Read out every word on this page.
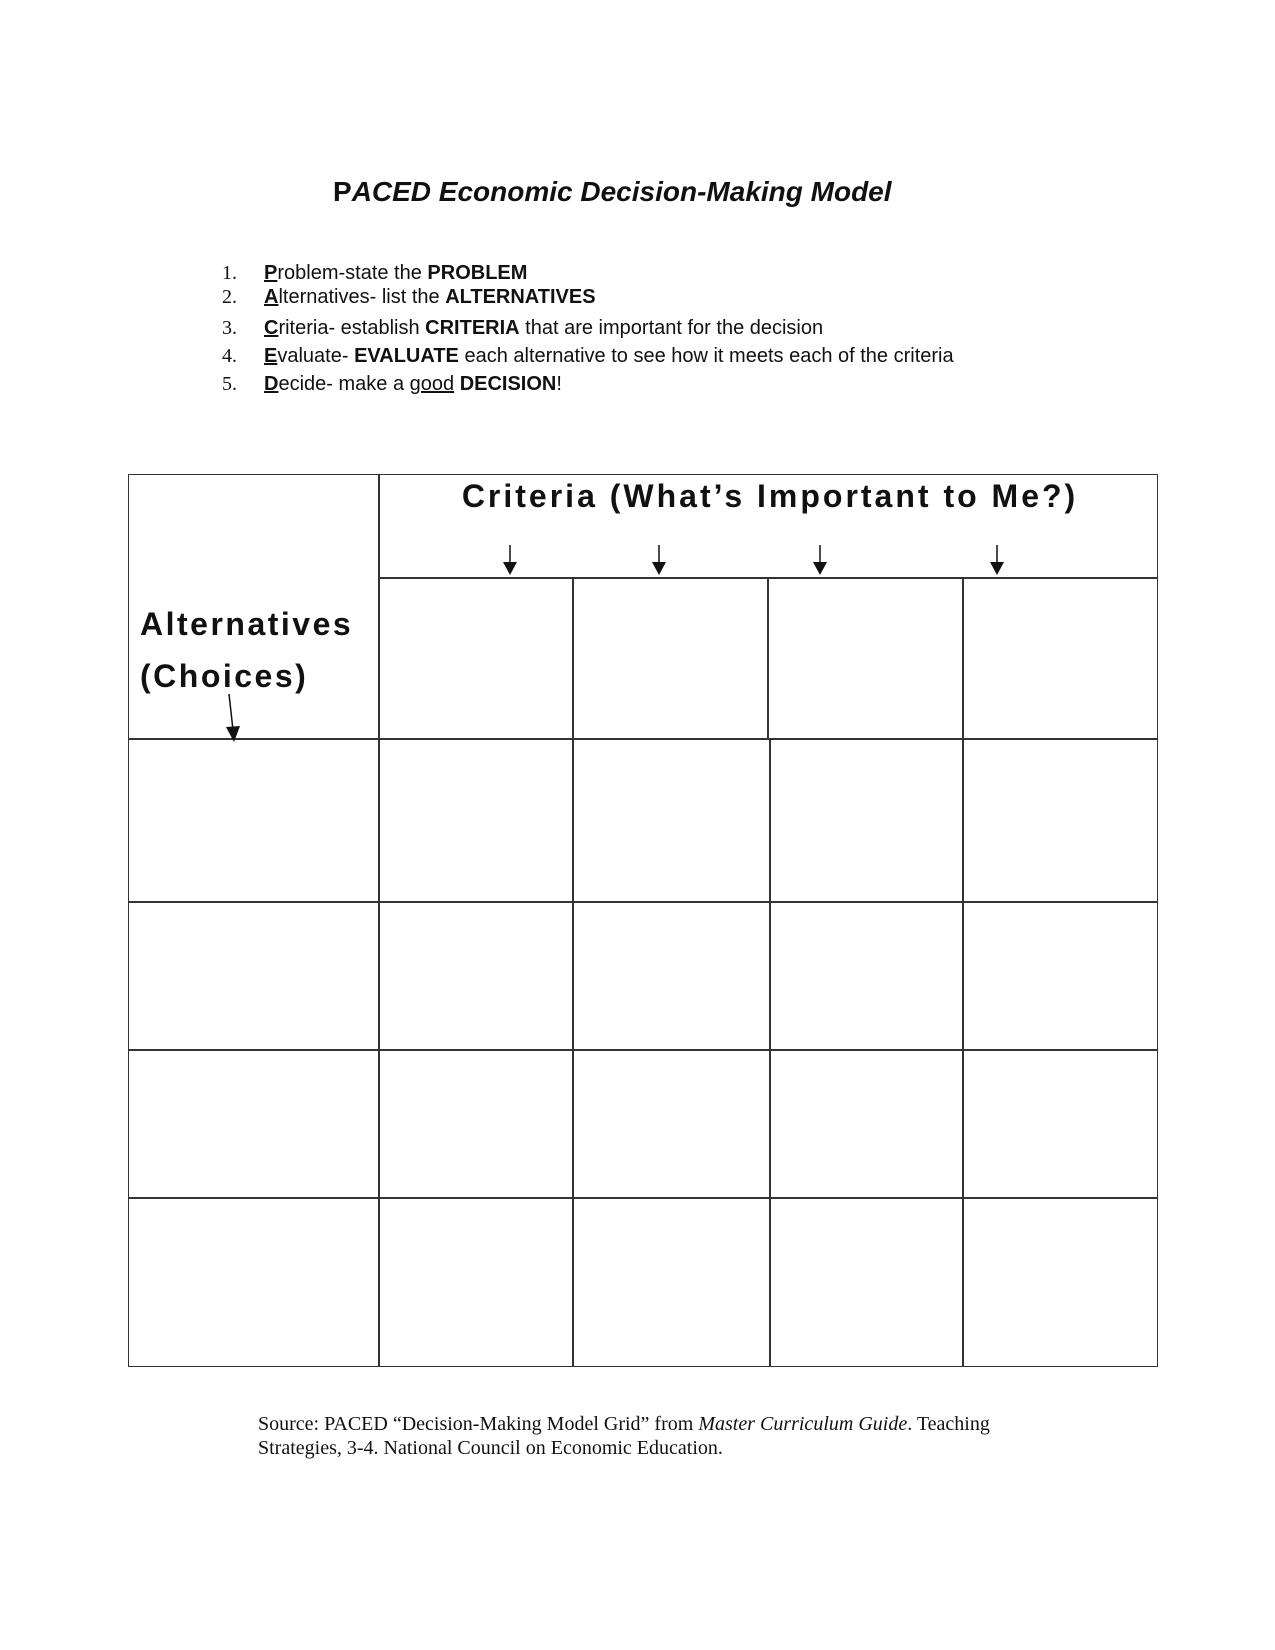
PACED Economic Decision-Making Model
1.	Problem-state the PROBLEM
2.	Alternatives- list the ALTERNATIVES
3.	Criteria- establish CRITERIA that are important for the decision
4.	Evaluate- EVALUATE each alternative to see how it meets each of the criteria
5.	Decide- make a good DECISION!
Criteria (What’s Important to Me?)
Alternatives
(Choices)

Source: PACED “Decision-Making Model Grid” from Master Curriculum Guide. Teaching Strategies, 3-4. National Council on Economic Education.
